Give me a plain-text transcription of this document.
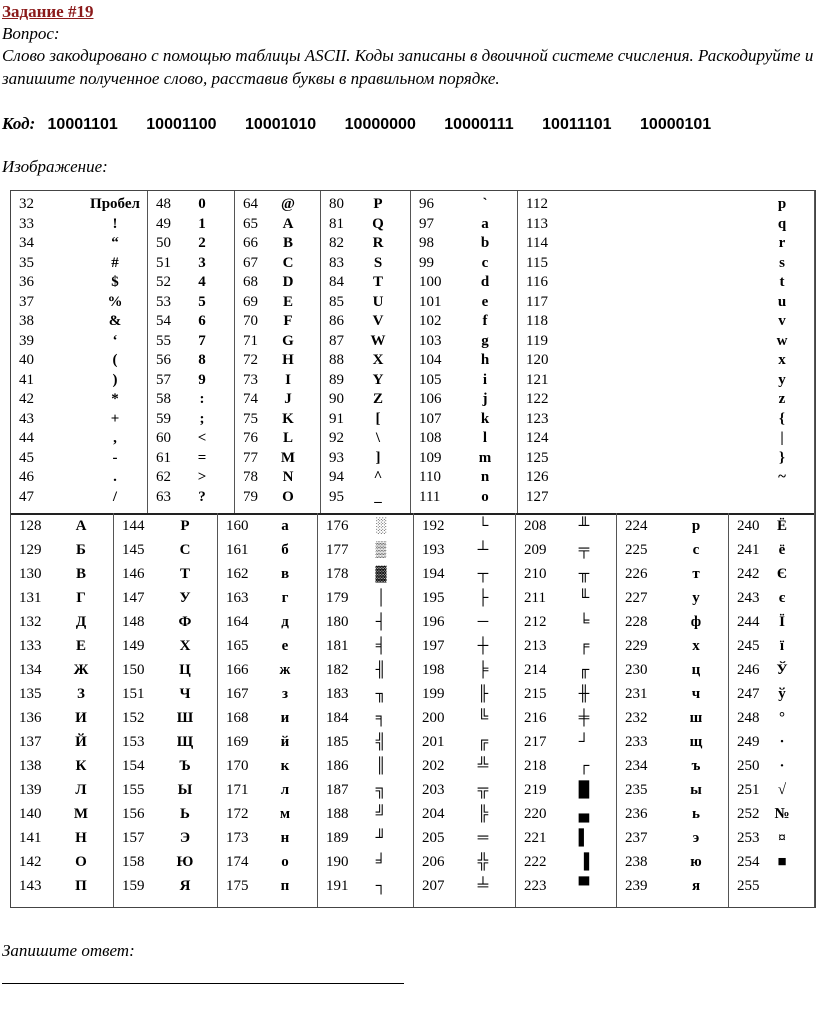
Задание #19
Вопрос:
Слово закодировано с помощью таблицы ASCII. Коды записаны в двоичной системе счисления. Раскодируйте и запишите полученное слово, расставив буквы в правильном порядке.
Код: 10001101 10001100 10001010 10000000 10000111 10011101 10000101
Изображение:
32	Пробел
33	!
34	“
35	#
36	$
37	%
38	&
39	‘
40	(
41	)
42	*
43	+
44	,
45	-
46	.
47	/
48	0
49	1
50	2
51	3
52	4
53	5
54	6
55	7
56	8
57	9
58	:
59	;
60	<
61	=
62	>
63	?
64	@
65	A
66	B
67	C
68	D
69	E
70	F
71	G
72	H
73	I
74	J
75	K
76	L
77	M
78	N
79	O
80	P
81	Q
82	R
83	S
84	T
85	U
86	V
87	W
88	X
89	Y
90	Z
91	[
92	\
93	]
94	^
95	_
96	`
97	a
98	b
99	c
100	d
101	e
102	f
103	g
104	h
105	i
106	j
107	k
108	l
109	m
110	n
111	o
112	p
113	q
114	r
115	s
116	t
117	u
118	v
119	w
120	x
121	y
122	z
123	{
124	|
125	}
126	~
127
128	А
129	Б
130	В
131	Г
132	Д
133	Е
134	Ж
135	З
136	И
137	Й
138	К
139	Л
140	М
141	Н
142	О
143	П
144	Р
145	С
146	Т
147	У
148	Ф
149	Х
150	Ц
151	Ч
152	Ш
153	Щ
154	Ъ
155	Ы
156	Ь
157	Э
158	Ю
159	Я
160	а
161	б
162	в
163	г
164	д
165	е
166	ж
167	з
168	и
169	й
170	к
171	л
172	м
173	н
174	о
175	п
176	░
177	▒
178	▓
179	│
180	┤
181	╡
182	╢
183	╖
184	╕
185	╣
186	║
187	╗
188	╝
189	╜
190	╛
191	┐
192	└
193	┴
194	┬
195	├
196	─
197	┼
198	╞
199	╟
200	╚
201	╔
202	╩
203	╦
204	╠
205	═
206	╬
207	╧
208	╨
209	╤
210	╥
211	╙
212	╘
213	╒
214	╓
215	╫
216	╪
217	┘
218	┌
219	█
220	▄
221	▌
222	▐
223	▀
224	р
225	с
226	т
227	у
228	ф
229	х
230	ц
231	ч
232	ш
233	щ
234	ъ
235	ы
236	ь
237	э
238	ю
239	я
240	Ё
241	ё
242	Є
243	є
244	Ї
245	ї
246	Ў
247	ў
248	°
249	∙
250	·
251	√
252 №
253	¤
254	■
255
Запишите ответ:
